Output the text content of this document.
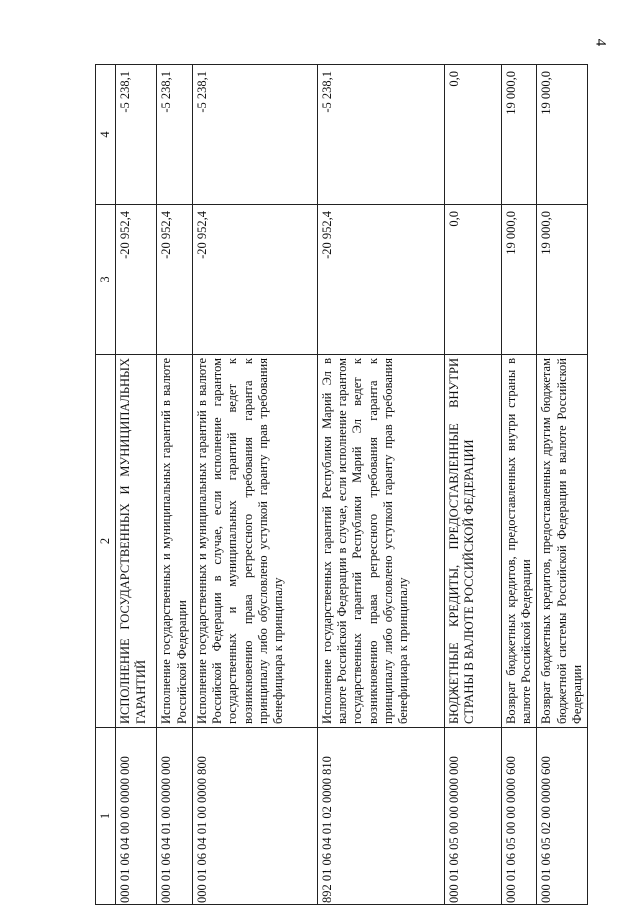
4
1	2	3	4
000 01 06 04 00 00 0000 000	ИСПОЛНЕНИЕ ГОСУДАРСТВЕННЫХ И МУНИЦИПАЛЬНЫХ ГАРАНТИЙ	-20 952,4	-5 238,1
000 01 06 04 01 00 0000 000	Исполнение государственных и муниципальных гарантий в валюте Российской Федерации	-20 952,4	-5 238,1
000 01 06 04 01 00 0000 800	Исполнение государственных и муниципальных гарантий в валюте Российской Федерации в случае, если исполнение гарантом государственных и муниципальных гарантий ведет к возникновению права регрессного требования гаранта к принципалу либо обусловлено уступкой гаранту прав требования бенефициара к принципалу	-20 952,4	-5 238,1
892 01 06 04 01 02 0000 810	Исполнение государственных гарантий Республики Марий Эл в валюте Российской Федерации в случае, если исполнение гарантом государственных гарантий Республики Марий Эл ведет к возникновению права регрессного требования гаранта к принципалу либо обусловлено уступкой гаранту прав требования бенефициара к принципалу	-20 952,4	-5 238,1
000 01 06 05 00 00 0000 000	БЮДЖЕТНЫЕ КРЕДИТЫ, ПРЕДОСТАВЛЕННЫЕ ВНУТРИ СТРАНЫ В ВАЛЮТЕ РОССИЙСКОЙ ФЕДЕРАЦИИ	0,0	0,0
000 01 06 05 00 00 0000 600	Возврат бюджетных кредитов, предоставленных внутри страны в валюте Российской Федерации	19 000,0	19 000,0
000 01 06 05 02 00 0000 600	Возврат бюджетных кредитов, предоставленных другим бюджетам бюджетной системы Российской Федерации в валюте Российской Федерации	19 000,0	19 000,0
